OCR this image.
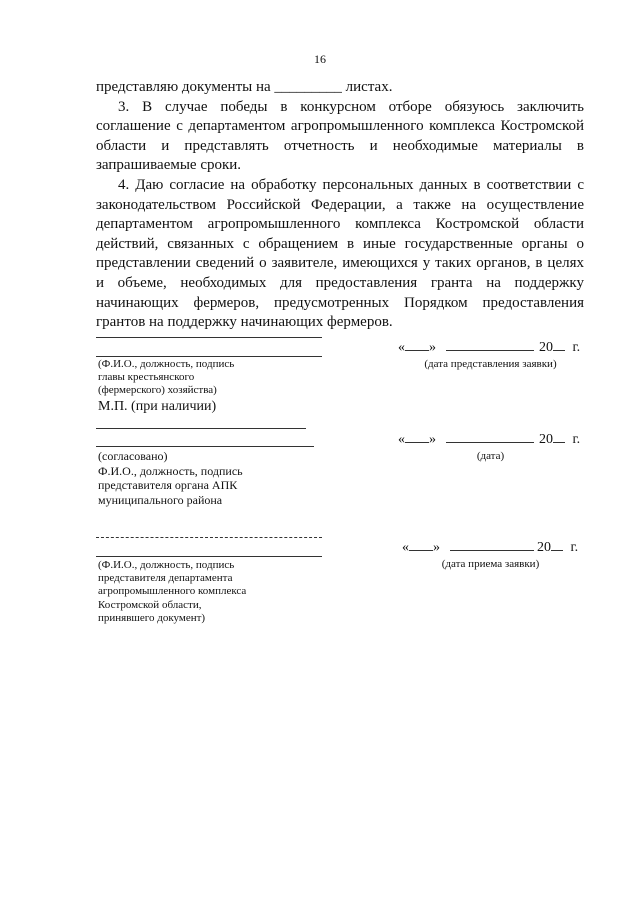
16

представляю документы на _________ листах.

3. В случае победы в конкурсном отборе обязуюсь заключить соглашение с департаментом агропромышленного комплекса Костромской области и представлять отчетность и необходимые материалы в запрашиваемые сроки.

4. Даю согласие на обработку персональных данных в соответствии с законодательством Российской Федерации, а также на осуществление департаментом агропромышленного комплекса Костромской области действий, связанных с обращением в иные государственные органы о представлении сведений о заявителе, имеющихся у таких органов, в целях и объеме, необходимых для предоставления гранта на поддержку начинающих фермеров, предусмотренных Порядком предоставления грантов на поддержку начинающих фермеров.

(Ф.И.О., должность, подпись
главы крестьянского
(фермерского) хозяйства)
М.П. (при наличии)
« »	20 г.
(дата представления заявки)
(согласовано)
Ф.И.О., должность, подпись
представителя органа АПК
муниципального района
« »	20 г.
(дата)
(Ф.И.О., должность, подпись
представителя департамента
агропромышленного комплекса
Костромской области,
принявшего документ)
« »	20 г.
(дата приема заявки)
